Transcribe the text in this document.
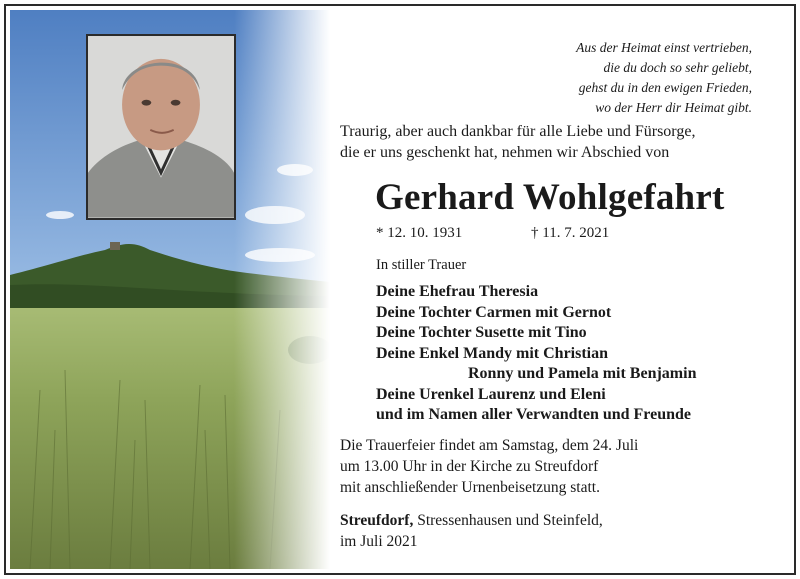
Aus der Heimat einst vertrieben,
die du doch so sehr geliebt,
gehst du in den ewigen Frieden,
wo der Herr dir Heimat gibt.
Traurig, aber auch dankbar für alle Liebe und Fürsorge,
die er uns geschenkt hat, nehmen wir Abschied von
Gerhard Wohlgefahrt
* 12. 10. 1931	† 11. 7. 2021
In stiller Trauer
Deine Ehefrau Theresia
Deine Tochter Carmen mit Gernot
Deine Tochter Susette mit Tino
Deine Enkel Mandy mit Christian
Ronny und Pamela mit Benjamin
Deine Urenkel Laurenz und Eleni
und im Namen aller Verwandten und Freunde
Die Trauerfeier findet am Samstag, dem 24. Juli
um 13.00 Uhr in der Kirche zu Streufdorf
mit anschließender Urnenbeisetzung statt.
Streufdorf, Stressenhausen und Steinfeld,
im Juli 2021
